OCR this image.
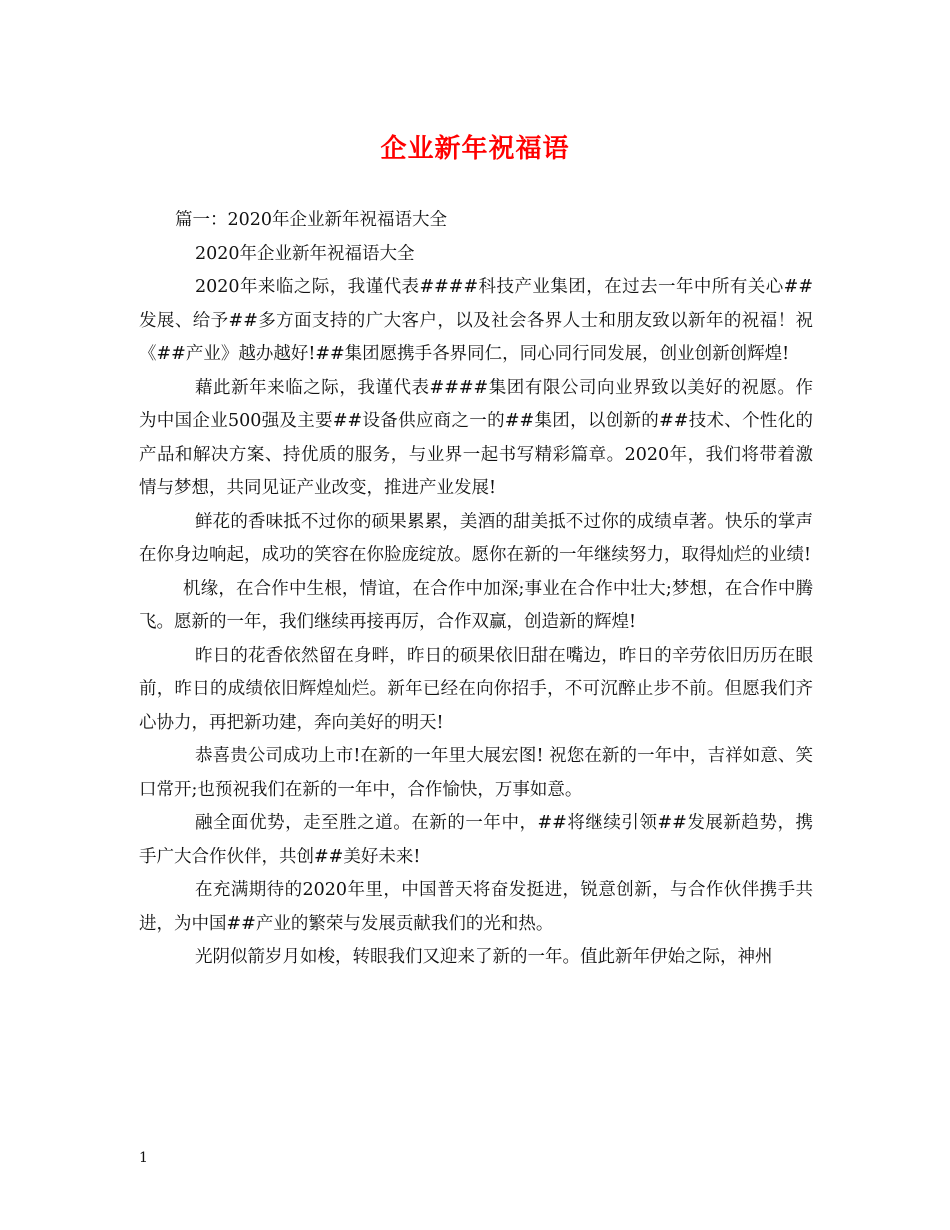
企业新年祝福语

篇一：2020年企业新年祝福语大全

2020年企业新年祝福语大全

2020年来临之际，我谨代表####科技产业集团，在过去一年中所有关心##发展、给予##多方面支持的广大客户，以及社会各界人士和朋友致以新年的祝福！祝《##产业》越办越好!##集团愿携手各界同仁，同心同行同发展，创业创新创辉煌!

藉此新年来临之际，我谨代表####集团有限公司向业界致以美好的祝愿。作为中国企业500强及主要##设备供应商之一的##集团，以创新的##技术、个性化的产品和解决方案、持优质的服务，与业界一起书写精彩篇章。2020年，我们将带着激情与梦想，共同见证产业改变，推进产业发展!

鲜花的香味抵不过你的硕果累累，美酒的甜美抵不过你的成绩卓著。快乐的掌声在你身边响起，成功的笑容在你脸庞绽放。愿你在新的一年继续努力，取得灿烂的业绩!

机缘，在合作中生根，情谊，在合作中加深;事业在合作中壮大;梦想，在合作中腾飞。愿新的一年，我们继续再接再厉，合作双赢，创造新的辉煌!

昨日的花香依然留在身畔，昨日的硕果依旧甜在嘴边，昨日的辛劳依旧历历在眼前，昨日的成绩依旧辉煌灿烂。新年已经在向你招手，不可沉醉止步不前。但愿我们齐心协力，再把新功建，奔向美好的明天!

恭喜贵公司成功上市!在新的一年里大展宏图! 祝您在新的一年中，吉祥如意、笑口常开;也预祝我们在新的一年中，合作愉快，万事如意。

融全面优势，走至胜之道。在新的一年中，##将继续引领##发展新趋势，携手广大合作伙伴，共创##美好未来!

在充满期待的2020年里，中国普天将奋发挺进，锐意创新，与合作伙伴携手共进，为中国##产业的繁荣与发展贡献我们的光和热。

光阴似箭岁月如梭，转眼我们又迎来了新的一年。值此新年伊始之际，神州

1
